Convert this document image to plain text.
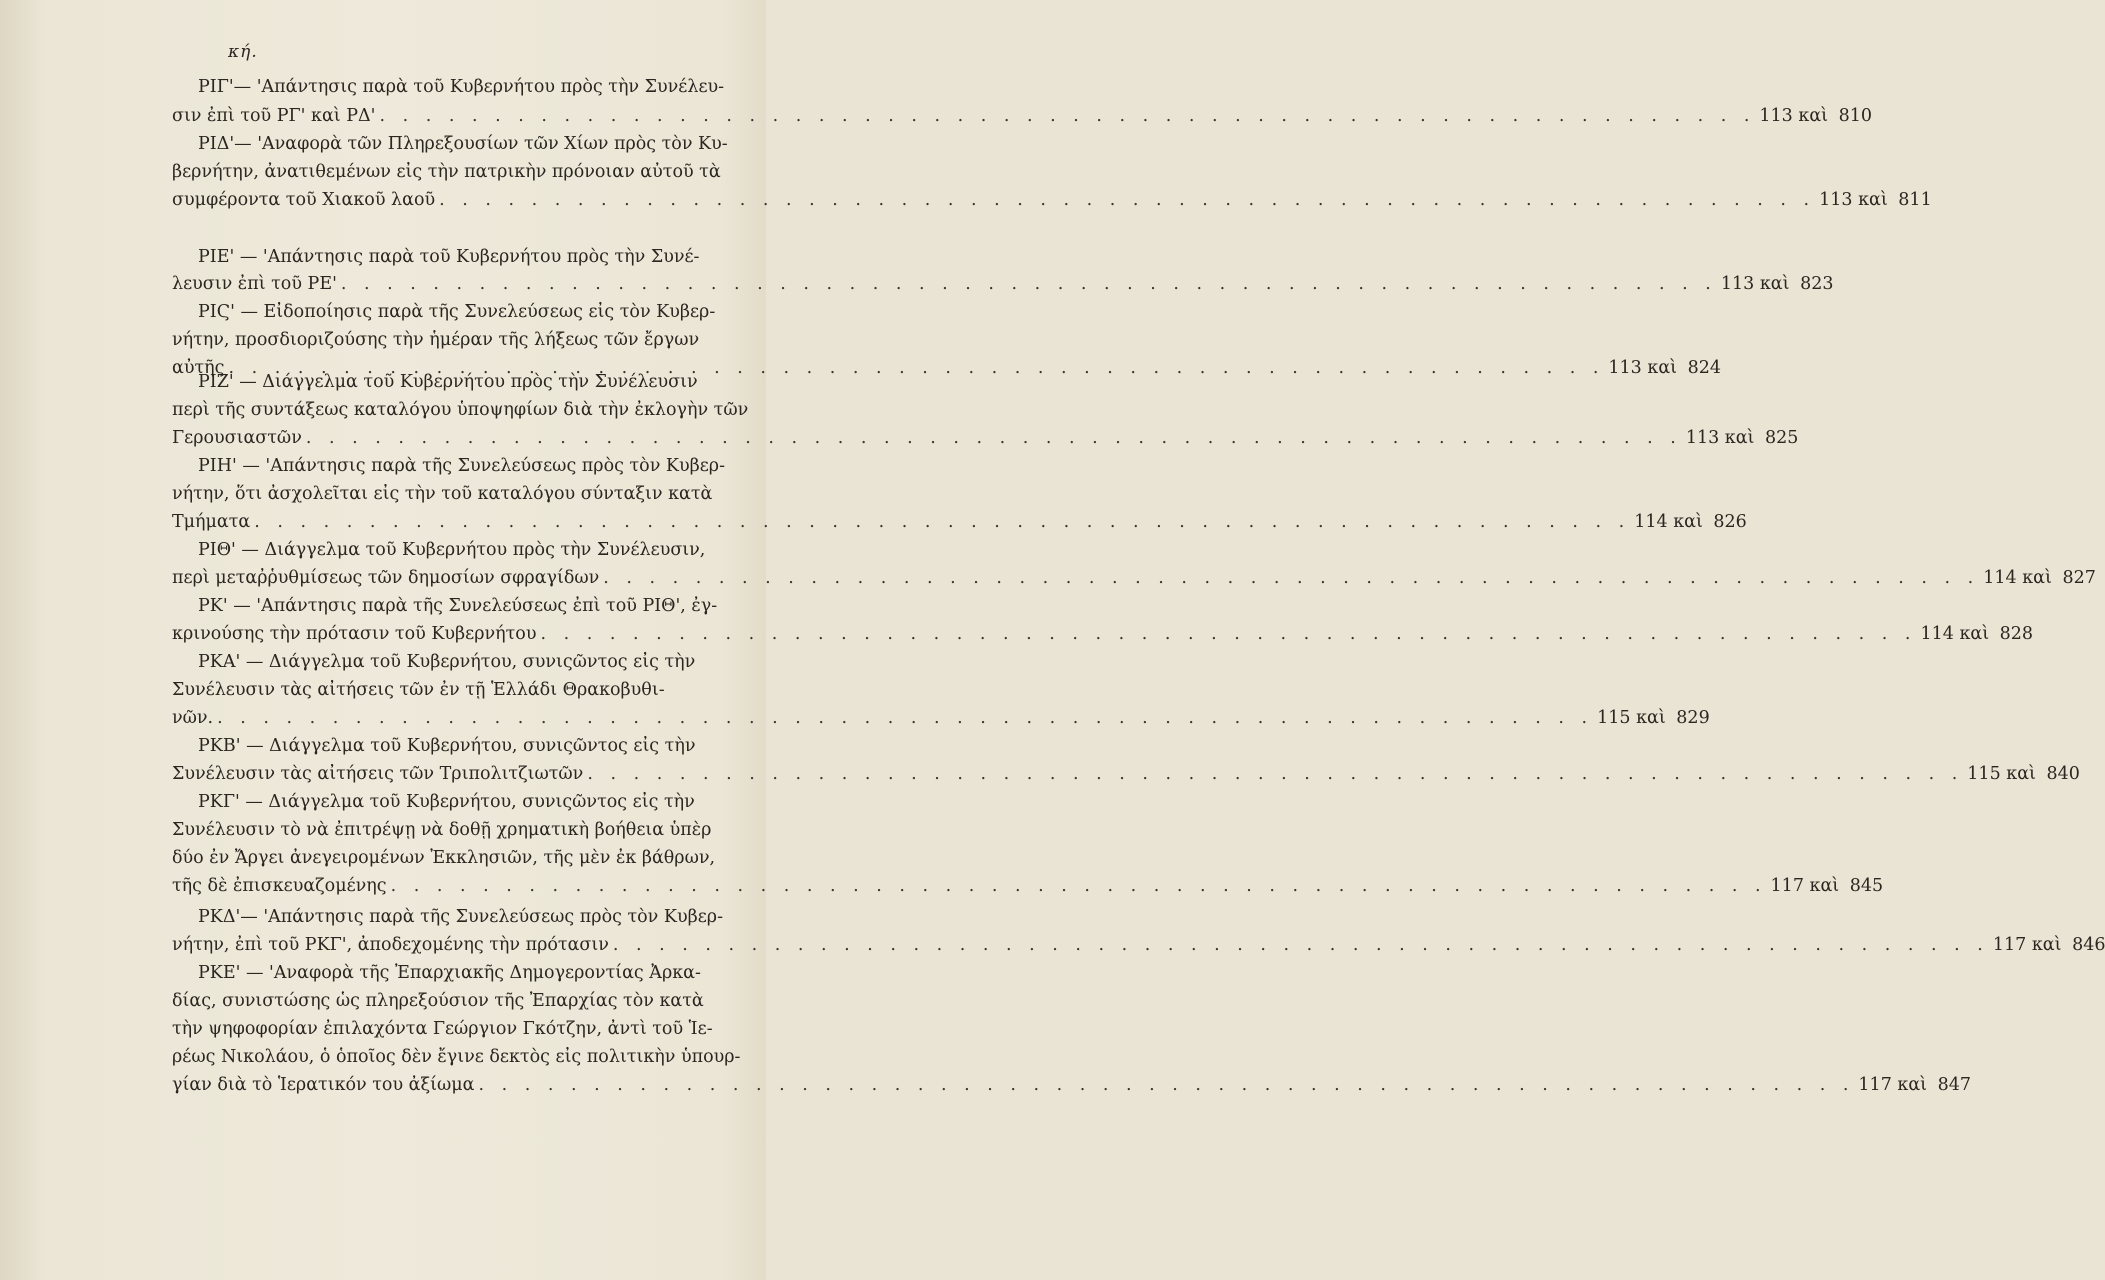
κή.
ΡΙΓ'— 'Απάντησις παρὰ τοῦ Κυβερνήτου πρὸς τὴν Συνέλευ-
σιν ἐπὶ τοῦ ΡΓ' καὶ ΡΔ' . . . . . . . . . . . . . . . . . . . . . . . . . . . . . . . . . . . . . . . . . . . . . . . . . . . . . . . . . . . . 113 καὶ 810
ΡΙΔ'— 'Αναφορὰ τῶν Πληρεξουσίων τῶν Χίων πρὸς τὸν Κυ-
βερνήτην, ἀνατιθεμένων εἰς τὴν πατρικὴν πρόνοιαν αὐτοῦ τὰ
συμφέροντα τοῦ Χιακοῦ λαοῦ . . . . . . . . . . . . . . . . . . . . . . . . . . . . . . . . . . . . . . . . . . . . . . . . . . . . . . . . . . . . 113 καὶ 811
ΡΙΕ' — 'Απάντησις παρὰ τοῦ Κυβερνήτου πρὸς τὴν Συνέ-
λευσιν ἐπὶ τοῦ ΡΕ' . . . . . . . . . . . . . . . . . . . . . . . . . . . . . . . . . . . . . . . . . . . . . . . . . . . . . . . . . . . . 113 καὶ 823
ΡΙϚ' — Εἰδοποίησις παρὰ τῆς Συνελεύσεως εἰς τὸν Κυβερ-
νήτην, προσδιοριζούσης τὴν ἡμέραν τῆς λήξεως τῶν ἔργων
αὐτῆς . . . . . . . . . . . . . . . . . . . . . . . . . . . . . . . . . . . . . . . . . . . . . . . . . . . . . . . . . . . . 113 καὶ 824
ΡΙΖ' — Διάγγελμα τοῦ Κυβερνήτου πρὸς τὴν Συνέλευσιν
περὶ τῆς συντάξεως καταλόγου ὑποψηφίων διὰ τὴν ἐκλογὴν τῶν
Γερουσιαστῶν . . . . . . . . . . . . . . . . . . . . . . . . . . . . . . . . . . . . . . . . . . . . . . . . . . . . . . . . . . . . 113 καὶ 825
ΡΙΗ' — 'Απάντησις παρὰ τῆς Συνελεύσεως πρὸς τὸν Κυβερ-
νήτην, ὅτι ἀσχολεῖται εἰς τὴν τοῦ καταλόγου σύνταξιν κατὰ
Τμήματα . . . . . . . . . . . . . . . . . . . . . . . . . . . . . . . . . . . . . . . . . . . . . . . . . . . . . . . . . . . . 114 καὶ 826
ΡΙΘ' — Διάγγελμα τοῦ Κυβερνήτου πρὸς τὴν Συνέλευσιν,
περὶ μεταῤῥυθμίσεως τῶν δημοσίων σφραγίδων . . . . . . . . . . . . . . . . . . . . . . . . . . . . . . . . . . . . . . . . . . . . . . . . . . . . . . . . . . . . 114 καὶ 827
ΡΚ' — 'Απάντησις παρὰ τῆς Συνελεύσεως ἐπὶ τοῦ ΡΙΘ', ἐγ-
κρινούσης τὴν πρότασιν τοῦ Κυβερνήτου . . . . . . . . . . . . . . . . . . . . . . . . . . . . . . . . . . . . . . . . . . . . . . . . . . . . . . . . . . . . 114 καὶ 828
ΡΚΑ' — Διάγγελμα τοῦ Κυβερνήτου, συνιςῶντος εἰς τὴν
Συνέλευσιν τὰς αἰτήσεις τῶν ἐν τῇ Ἑλλάδι Θρακοβυθι-
νῶν. . . . . . . . . . . . . . . . . . . . . . . . . . . . . . . . . . . . . . . . . . . . . . . . . . . . . . . . . . . . . 115 καὶ 829
ΡΚΒ' — Διάγγελμα τοῦ Κυβερνήτου, συνιςῶντος εἰς τὴν
Συνέλευσιν τὰς αἰτήσεις τῶν Τριπολιτζιωτῶν . . . . . . . . . . . . . . . . . . . . . . . . . . . . . . . . . . . . . . . . . . . . . . . . . . . . . . . . . . . . 115 καὶ 840
ΡΚΓ' — Διάγγελμα τοῦ Κυβερνήτου, συνιςῶντος εἰς τὴν
Συνέλευσιν τὸ νὰ ἐπιτρέψῃ νὰ δοθῇ χρηματικὴ βοήθεια ὑπὲρ
δύο ἐν Ἄργει ἀνεγειρομένων Ἐκκλησιῶν, τῆς μὲν ἐκ βάθρων,
τῆς δὲ ἐπισκευαζομένης . . . . . . . . . . . . . . . . . . . . . . . . . . . . . . . . . . . . . . . . . . . . . . . . . . . . . . . . . . . . 117 καὶ 845
ΡΚΔ'— 'Απάντησις παρὰ τῆς Συνελεύσεως πρὸς τὸν Κυβερ-
νήτην, ἐπὶ τοῦ ΡΚΓ', ἀποδεχομένης τὴν πρότασιν . . . . . . . . . . . . . . . . . . . . . . . . . . . . . . . . . . . . . . . . . . . . . . . . . . . . . . . . . . . . 117 καὶ 846
ΡΚΕ' — 'Αναφορὰ τῆς Ἐπαρχιακῆς Δημογεροντίας Ἀρκα-
δίας, συνιστώσης ὡς πληρεξούσιον τῆς Ἐπαρχίας τὸν κατὰ
τὴν ψηφοφορίαν ἐπιλαχόντα Γεώργιον Γκότζην, ἀντὶ τοῦ Ἱε-
ρέως Νικολάου, ὁ ὁποῖος δὲν ἔγινε δεκτὸς εἰς πολιτικὴν ὑπουρ-
γίαν διὰ τὸ Ἱερατικόν του ἀξίωμα . . . . . . . . . . . . . . . . . . . . . . . . . . . . . . . . . . . . . . . . . . . . . . . . . . . . . . . . . . . . 117 καὶ 847
